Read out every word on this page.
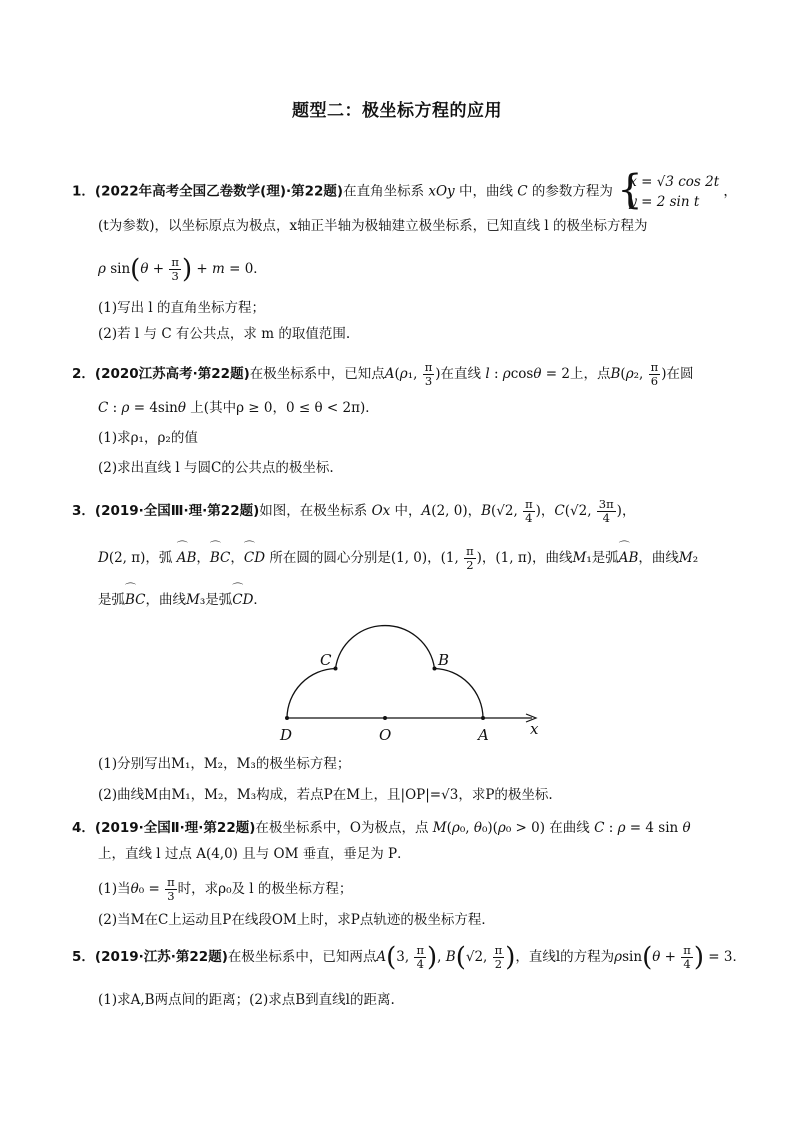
题型二：极坐标方程的应用
1．(2022年高考全国乙卷数学(理)·第22题)在直角坐标系 xOy 中，曲线 C 的参数方程为 {
x = √3 cos 2t
y = 2 sin t
，
(t为参数)，以坐标原点为极点，x轴正半轴为极轴建立极坐标系，已知直线 l 的极坐标方程为
ρ $\sin(\theta + \frac{\pi}{3}$ ) + m = 0．
(1)写出 l 的直角坐标方程；
(2)若 l 与 C 有公共点，求 m 的取值范围.
2．(2020江苏高考·第22题)在极坐标系中，已知点A(ρ₁, $\frac{\pi}{3}$ )在直线 l : ρcosθ = 2上，点B(ρ₂, $\frac{\pi}{6}$ )在圆
C : ρ = 4sinθ 上(其中ρ ≥ 0，0 ≤ θ < 2π)．
(1)求ρ₁，ρ₂的值
(2)求出直线 l 与圆C的公共点的极坐标.
3．(2019·全国Ⅲ·理·第22题)如图，在极坐标系 Ox 中，A(2, 0)，B(√2, $\frac{\pi}{4}$ )，C(√2, $\frac{3\pi}{4}$ )，
D(2, π)，弧 ⌒ AB，⌒ BC，⌒ CD 所在圆的圆心分别是(1, 0)，(1, $\frac{\pi}{2}$ )，(1, π)，曲线M₁是弧⌒ AB，曲线M₂
是弧⌒ BC，曲线M₃是弧⌒ CD．
C	B
D	O	A	x
(1)分别写出M₁，M₂，M₃的极坐标方程；
(2)曲线M由M₁，M₂，M₃构成，若点P在M上，且|OP|=√3，求P的极坐标.
4．(2019·全国Ⅱ·理·第22题)在极坐标系中，O为极点，点 M(ρ₀, θ₀)(ρ₀ > 0) 在曲线 C : ρ = 4 sin θ
上，直线 l 过点 A(4,0) 且与 OM 垂直，垂足为 P．
(1)当$\theta_0 = \frac{\pi}{3}$ 时，求ρ₀及 l 的极坐标方程；
(2)当M在C上运动且P在线段OM上时，求P点轨迹的极坐标方程．
5．(2019·江苏·第22题)在极坐标系中，已知两点A(3, $\frac{\pi}{4}$ ), B(√2, $\frac{\pi}{2}$ )，直线l的方程为$\rho\sin(\theta + \frac{\pi}{4}$ ) = 3．
(1)求A,B两点间的距离；(2)求点B到直线l的距离.
